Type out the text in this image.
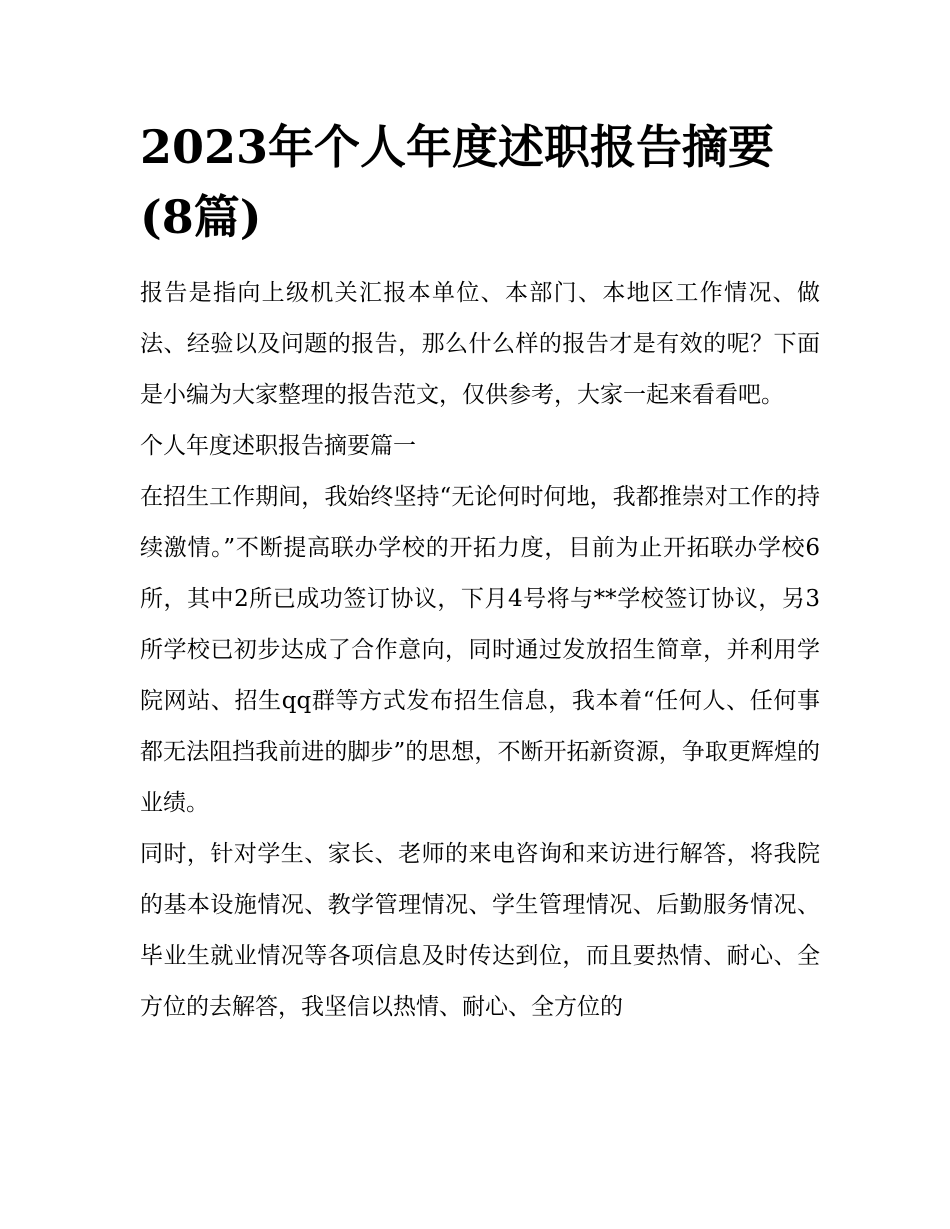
2023年个人年度述职报告摘要(8篇)

报告是指向上级机关汇报本单位、本部门、本地区工作情况、做法、经验以及问题的报告，那么什么样的报告才是有效的呢？下面是小编为大家整理的报告范文，仅供参考，大家一起来看看吧。

个人年度述职报告摘要篇一

在招生工作期间，我始终坚持“无论何时何地，我都推崇对工作的持续激情。”不断提高联办学校的开拓力度，目前为止开拓联办学校6所，其中2所已成功签订协议，下月4号将与**学校签订协议，另3所学校已初步达成了合作意向，同时通过发放招生简章，并利用学院网站、招生qq群等方式发布招生信息，我本着“任何人、任何事都无法阻挡我前进的脚步”的思想，不断开拓新资源，争取更辉煌的业绩。

同时，针对学生、家长、老师的来电咨询和来访进行解答，将我院的基本设施情况、教学管理情况、学生管理情况、后勤服务情况、毕业生就业情况等各项信息及时传达到位，而且要热情、耐心、全方位的去解答，我坚信以热情、耐心、全方位的
